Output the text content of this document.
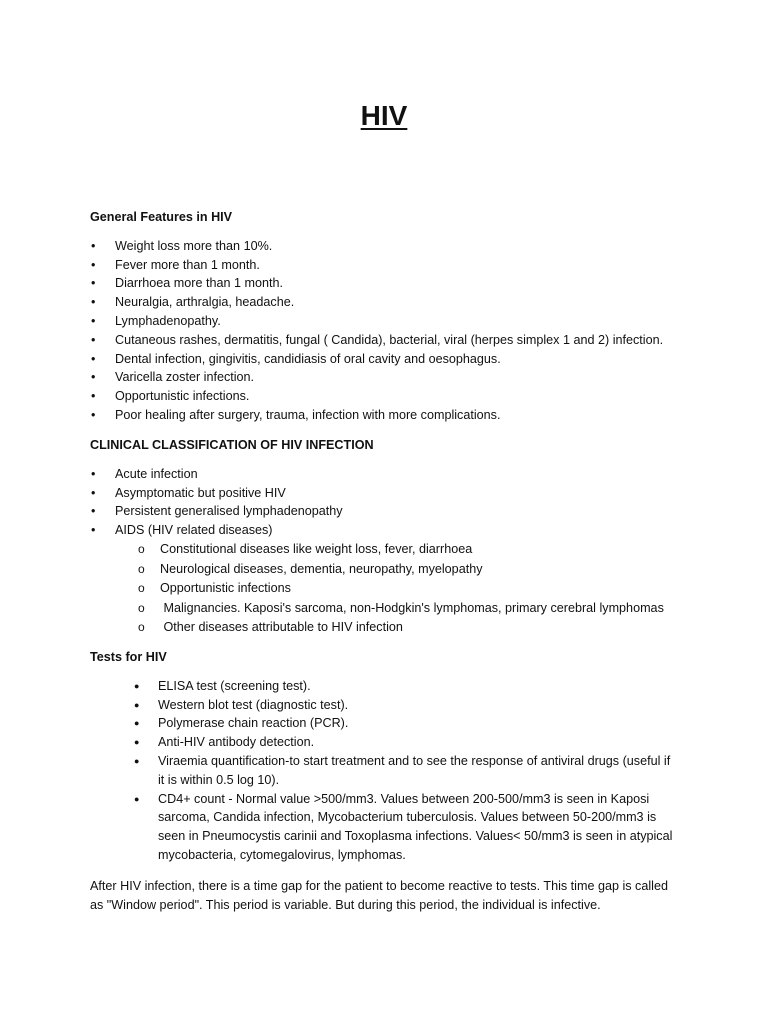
HIV

General Features in HIV

• Weight loss more than 10%.
• Fever more than 1 month.
• Diarrhoea more than 1 month.
• Neuralgia, arthralgia, headache.
• Lymphadenopathy.
• Cutaneous rashes, dermatitis, fungal ( Candida), bacterial, viral (herpes simplex 1 and 2) infection.
• Dental infection, gingivitis, candidiasis of oral cavity and oesophagus.
• Varicella zoster infection.
• Opportunistic infections.
• Poor healing after surgery, trauma, infection with more complications.

CLINICAL CLASSIFICATION OF HIV INFECTION

• Acute infection
• Asymptomatic but positive HIV
• Persistent generalised lymphadenopathy
• AIDS (HIV related diseases)
o Constitutional diseases like weight loss, fever, diarrhoea
o Neurological diseases, dementia, neuropathy, myelopathy
o Opportunistic infections
o  Malignancies. Kaposi's sarcoma, non-Hodgkin's lymphomas, primary cerebral lymphomas
o  Other diseases attributable to HIV infection

Tests for HIV

● ELISA test (screening test).
● Western blot test (diagnostic test).
● Polymerase chain reaction (PCR).
● Anti-HIV antibody detection.
● Viraemia quantification-to start treatment and to see the response of antiviral drugs (useful if it is within 0.5 log 10).
● CD4+ count - Normal value >500/mm3. Values between 200-500/mm3 is seen in Kaposi sarcoma, Candida infection, Mycobacterium tuberculosis. Values between 50-200/mm3 is seen in Pneumocystis carinii and Toxoplasma infections. Values< 50/mm3 is seen in atypical mycobacteria, cytomegalovirus, lymphomas.

After HIV infection, there is a time gap for the patient to become reactive to tests. This time gap is called as "Window period". This period is variable. But during this period, the individual is infective.
